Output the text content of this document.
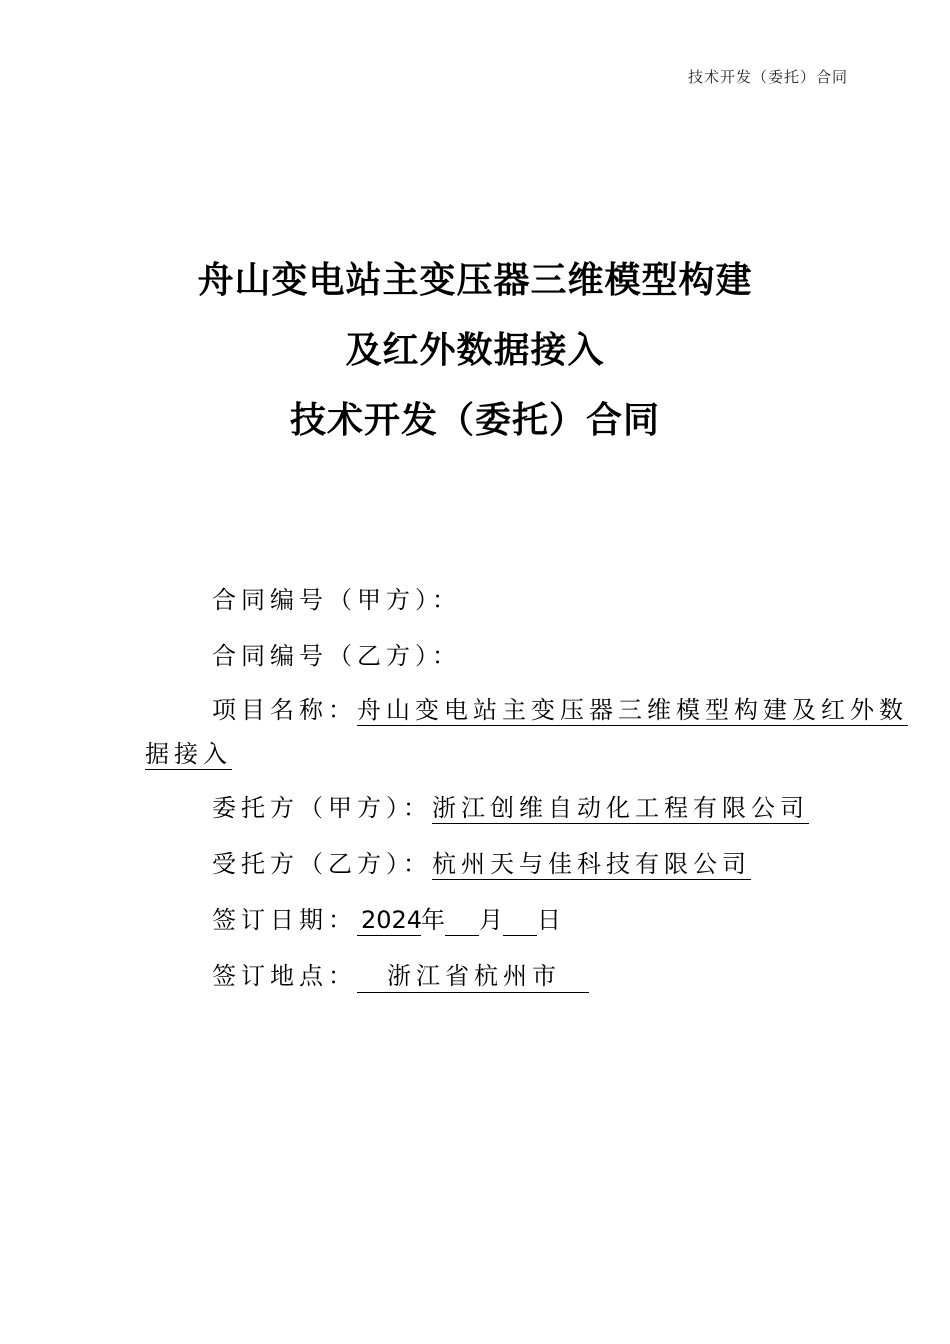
技术开发（委托）合同
舟山变电站主变压器三维模型构建
及红外数据接入
技术开发（委托）合同
合同编号（甲方）：
合同编号（乙方）：
项目名称：舟山变电站主变压器三维模型构建及红外数
据接入
委托方（甲方）：浙江创维自动化工程有限公司
受托方（乙方）：杭州天与佳科技有限公司
签订日期： 2024年 月 日
签订地点： 浙江省杭州市
